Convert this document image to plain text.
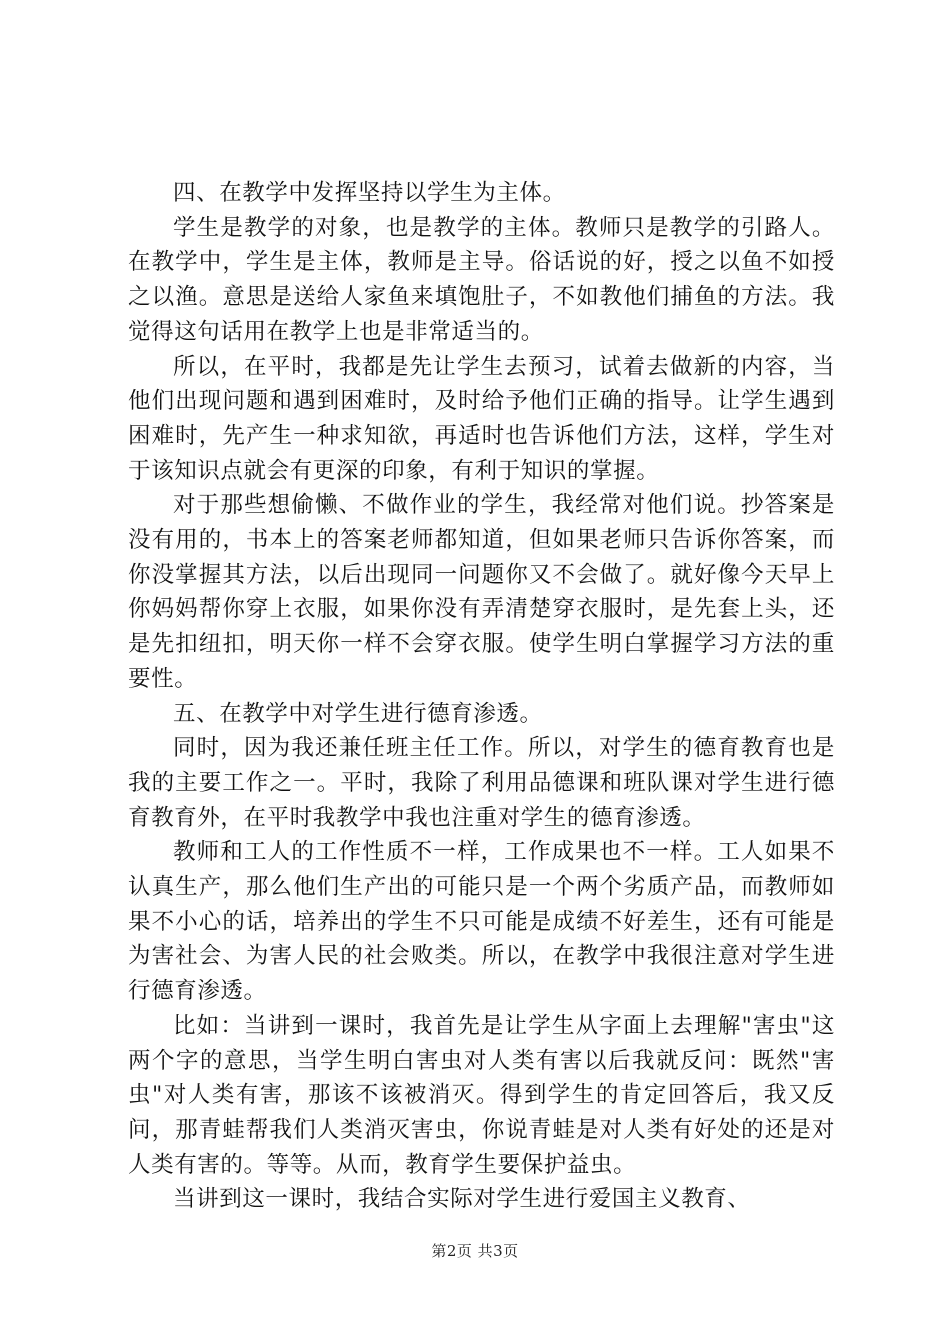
四、在教学中发挥坚持以学生为主体。

学生是教学的对象，也是教学的主体。教师只是教学的引路人。在教学中，学生是主体，教师是主导。俗话说的好，授之以鱼不如授之以渔。意思是送给人家鱼来填饱肚子，不如教他们捕鱼的方法。我觉得这句话用在教学上也是非常适当的。

所以，在平时，我都是先让学生去预习，试着去做新的内容，当他们出现问题和遇到困难时，及时给予他们正确的指导。让学生遇到困难时，先产生一种求知欲，再适时也告诉他们方法，这样，学生对于该知识点就会有更深的印象，有利于知识的掌握。

对于那些想偷懒、不做作业的学生，我经常对他们说。抄答案是没有用的，书本上的答案老师都知道，但如果老师只告诉你答案，而你没掌握其方法，以后出现同一问题你又不会做了。就好像今天早上你妈妈帮你穿上衣服，如果你没有弄清楚穿衣服时，是先套上头，还是先扣纽扣，明天你一样不会穿衣服。使学生明白掌握学习方法的重要性。

五、在教学中对学生进行德育渗透。

同时，因为我还兼任班主任工作。所以，对学生的德育教育也是我的主要工作之一。平时，我除了利用品德课和班队课对学生进行德育教育外，在平时我教学中我也注重对学生的德育渗透。

教师和工人的工作性质不一样，工作成果也不一样。工人如果不认真生产，那么他们生产出的可能只是一个两个劣质产品，而教师如果不小心的话，培养出的学生不只可能是成绩不好差生，还有可能是为害社会、为害人民的社会败类。所以，在教学中我很注意对学生进行德育渗透。

比如：当讲到一课时，我首先是让学生从字面上去理解"害虫"这两个字的意思，当学生明白害虫对人类有害以后我就反问：既然"害虫"对人类有害，那该不该被消灭。得到学生的肯定回答后，我又反问，那青蛙帮我们人类消灭害虫，你说青蛙是对人类有好处的还是对人类有害的。等等。从而，教育学生要保护益虫。

当讲到这一课时，我结合实际对学生进行爱国主义教育、

第2页 共3页
